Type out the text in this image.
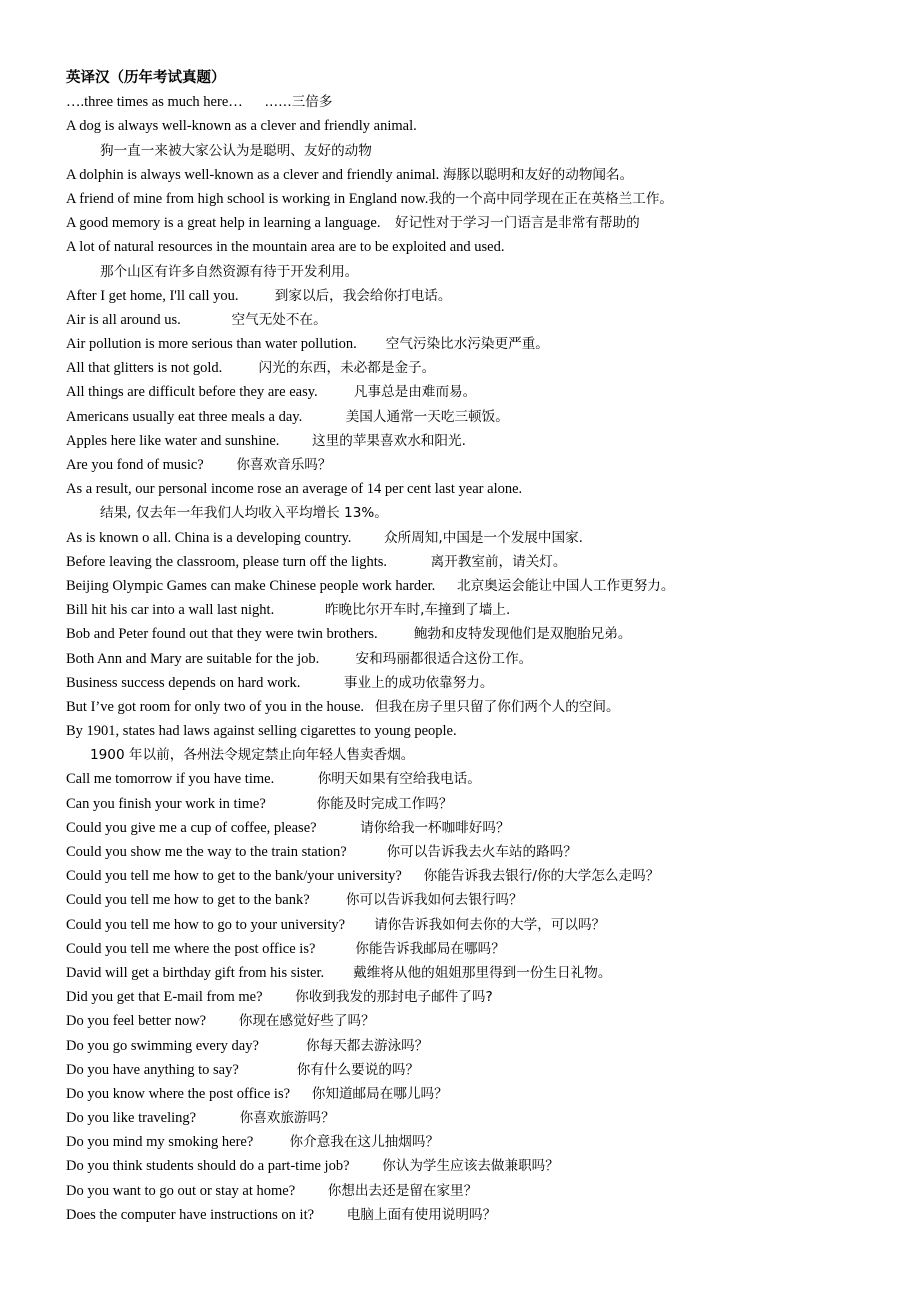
英译汉（历年考试真题）
….three times as much here… ……三倍多
A dog is always well-known as a clever and friendly animal.
狗一直一来被大家公认为是聪明、友好的动物
A dolphin is always well-known as a clever and friendly animal. 海豚以聪明和友好的动物闻名。
A friend of mine from high school is working in England now.我的一个高中同学现在正在英格兰工作。
A good memory is a great help in learning a language. 好记性对于学习一门语言是非常有帮助的
A lot of natural resources in the mountain area are to be exploited and used.
那个山区有许多自然资源有待于开发利用。
After I get home, I'll call you.	到家以后，我会给你打电话。
Air is all around us.	空气无处不在。
Air pollution is more serious than water pollution. 空气污染比水污染更严重。
All that glitters is not gold.	闪光的东西，未必都是金子。
All things are difficult before they are easy.	凡事总是由难而易。
Americans usually eat three meals a day.	美国人通常一天吃三顿饭。
Apples here like water and sunshine. 这里的苹果喜欢水和阳光.
Are you fond of music? 你喜欢音乐吗？
As a result, our personal income rose an average of 14 per cent last year alone.
结果, 仅去年一年我们人均收入平均增长 13%。
As is known o all. China is a developing country. 众所周知,中国是一个发展中国家.
Before leaving the classroom, please turn off the lights.	离开教室前，请关灯。
Beijing Olympic Games can make Chinese people work harder. 北京奥运会能让中国人工作更努力。
Bill hit his car into a wall last night.	昨晚比尔开车时,车撞到了墙上.
Bob and Peter found out that they were twin brothers.	鲍勃和皮特发现他们是双胞胎兄弟。
Both Ann and Mary are suitable for the job.	安和玛丽都很适合这份工作。
Business success depends on hard work.	事业上的成功依靠努力。
But I’ve got room for only two of you in the house. 但我在房子里只留了你们两个人的空间。
By 1901, states had laws against selling cigarettes to young people.
1900 年以前，各州法令规定禁止向年轻人售卖香烟。
Call me tomorrow if you have time.	你明天如果有空给我电话。
Can you finish your work in time?	你能及时完成工作吗？
Could you give me a cup of coffee, please?	请你给我一杯咖啡好吗？
Could you show me the way to the train station?	你可以告诉我去火车站的路吗？
Could you tell me how to get to the bank/your university? 你能告诉我去银行/你的大学怎么走吗？
Could you tell me how to get to the bank?	你可以告诉我如何去银行吗？
Could you tell me how to go to your university? 请你告诉我如何去你的大学，可以吗？
Could you tell me where the post office is?	你能告诉我邮局在哪吗？
David will get a birthday gift from his sister. 戴维将从他的姐姐那里得到一份生日礼物。
Did you get that E-mail from me? 你收到我发的那封电子邮件了吗?
Do you feel better now? 你现在感觉好些了吗？
Do you go swimming every day?	你每天都去游泳吗？
Do you have anything to say?	你有什么要说的吗？
Do you know where the post office is? 你知道邮局在哪儿吗？
Do you like traveling?	你喜欢旅游吗？
Do you mind my smoking here?	你介意我在这儿抽烟吗？
Do you think students should do a part-time job? 你认为学生应该去做兼职吗？
Do you want to go out or stay at home? 你想出去还是留在家里？
Does the computer have instructions on it? 电脑上面有使用说明吗？
